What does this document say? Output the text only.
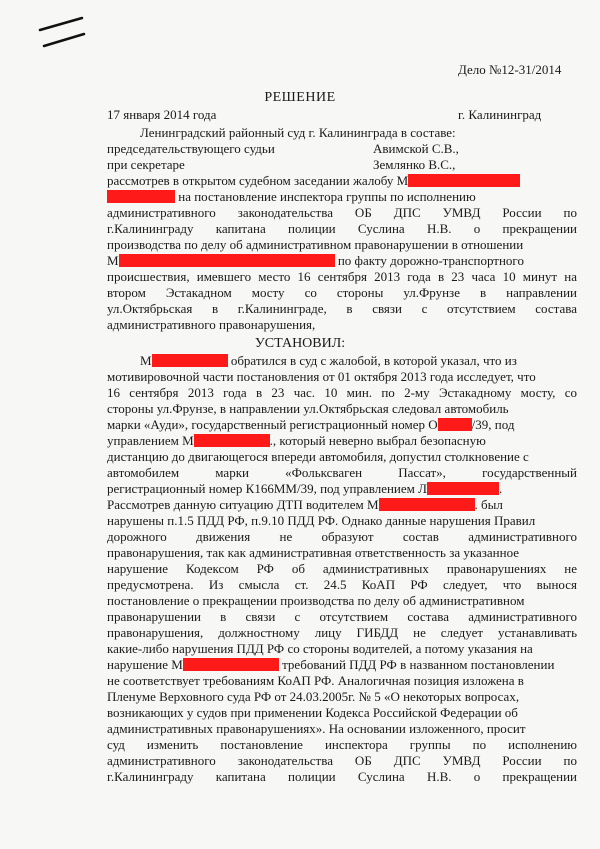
Дело №12-31/2014
РЕШЕНИЕ
17 января 2014 года	г. Калининград
Ленинградский районный суд г. Калининграда в составе:
председательствующего судьи	Авимской С.В.,
при секретаре	Землянко В.С.,
рассмотрев в открытом судебном заседании жалобу М
на постановление инспектора группы по исполнению
административного законодательства ОБ ДПС УМВД России по
г.Калининграду капитана полиции Суслина Н.В. о прекращении
производства по делу об административном правонарушении в отношении
М	по факту дорожно-транспортного
происшествия, имевшего место 16 сентября 2013 года в 23 часа 10 минут на
втором Эстакадном мосту со стороны ул.Фрунзе в направлении
ул.Октябрьская в г.Калининграде, в связи с отсутствием состава
административного правонарушения,
УСТАНОВИЛ:
М	обратился в суд с жалобой, в которой указал, что из
мотивировочной части постановления от 01 октября 2013 года исследует, что
16 сентября 2013 года в 23 час. 10 мин. по 2-му Эстакадному мосту, со
стороны ул.Фрунзе, в направлении ул.Октябрьская следовал автомобиль
марки «Ауди», государственный регистрационный номер О	/39, под
управлением М	., который неверно выбрал безопасную
дистанцию до двигающегося впереди автомобиля, допустил столкновение с
автомобилем марки «Фольксваген Пассат», государственный
регистрационный номер К166ММ/39, под управлением Л	.
Рассмотрев данную ситуацию ДТП водителем М	. был
нарушены п.1.5 ПДД РФ, п.9.10 ПДД РФ. Однако данные нарушения Правил
дорожного движения не образуют состав административного
правонарушения, так как административная ответственность за указанное
нарушение Кодексом РФ об административных правонарушениях не
предусмотрена. Из смысла ст. 24.5 КоАП РФ следует, что вынося
постановление о прекращении производства по делу об административном
правонарушении в связи с отсутствием состава административного
правонарушения, должностному лицу ГИБДД не следует устанавливать
какие-либо нарушения ПДД РФ со стороны водителей, а потому указания на
нарушение М	требований ПДД РФ в названном постановлении
не соответствует требованиям КоАП РФ. Аналогичная позиция изложена в
Пленуме Верховного суда РФ от 24.03.2005г. № 5 «О некоторых вопросах,
возникающих у судов при применении Кодекса Российской Федерации об
административных правонарушениях». На основании изложенного, просит
суд изменить постановление инспектора группы по исполнению
административного законодательства ОБ ДПС УМВД России по
г.Калининграду капитана полиции Суслина Н.В. о прекращении
